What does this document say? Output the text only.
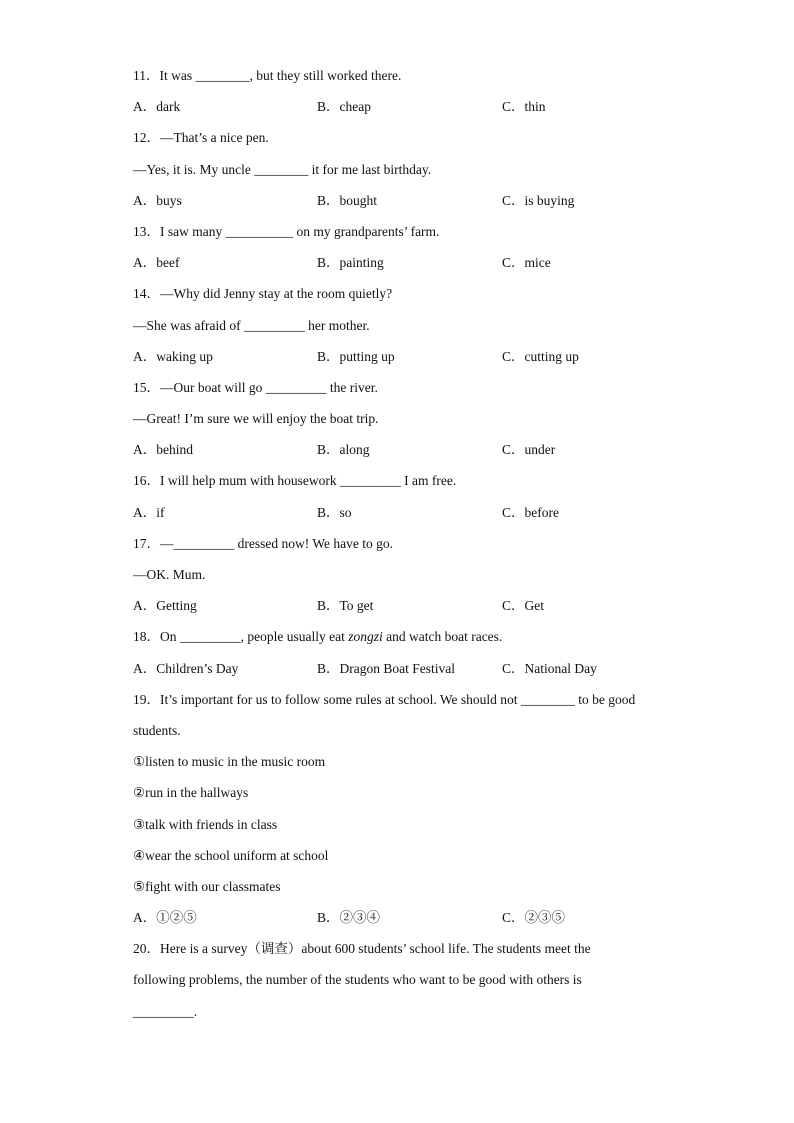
11．It was ________, but they still worked there.
A．dark	B．cheap	C．thin
12．—That’s a nice pen.
—Yes, it is. My uncle ________ it for me last birthday.
A．buys	B．bought	C．is buying
13．I saw many __________ on my grandparents’ farm.
A．beef	B．painting	C．mice
14．—Why did Jenny stay at the room quietly?
—She was afraid of _________ her mother.
A．waking up	B．putting up	C．cutting up
15．—Our boat will go _________ the river.
—Great! I’m sure we will enjoy the boat trip.
A．behind	B．along	C．under
16．I will help mum with housework _________ I am free.
A．if	B．so	C．before
17．—_________ dressed now! We have to go.
—OK. Mum.
A．Getting	B．To get	C．Get
18．On _________, people usually eat zongzi and watch boat races.
A．Children’s Day	B．Dragon Boat Festival	C．National Day
19．It’s important for us to follow some rules at school. We should not ________ to be good
students.
①listen to music in the music room
②run in the hallways
③talk with friends in class
④wear the school uniform at school
⑤fight with our classmates
A．①②⑤	B．②③④	C．②③⑤
20．Here is a survey（调查）about 600 students’ school life. The students meet the
following problems, the number of the students who want to be good with others is
_________.
